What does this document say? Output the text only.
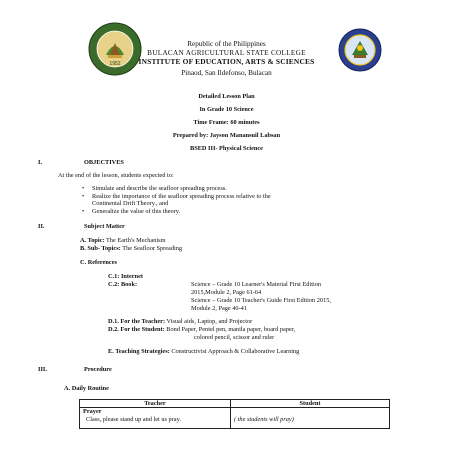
1952
Republic of the Philippines
BULACAN AGRICULTURAL STATE COLLEGE
INSTITUTE OF EDUCATION, ARTS & SCIENCES
Pinaod, San Ildefonso, Bulacan
Detailed Lesson Plan
In Grade 10 Science
Time Frame: 60 minutes
Prepared by: Jayson Manansuil Labsan
BSED III- Physical Science
I.	OBJECTIVES
At the end of the lesson, students expected to:
• Simulate and describe the seafloor spreading process.
• Realize the importance of the seafloor spreading process relative to the
Continental Drift Theory., and
• Generalize the value of this theory.
II.	Subject Matter
A. Topic: The Earth's Mechanism
B. Sub- Topics: The Seafloor Spreading
C. References
C.1: Internet
C.2: Book:	Science – Grade 10 Learner's Material First Edition
2015,Module 2, Page 61-64
Science – Grade 10 Teacher's Guide First Edition 2015,
Module 2, Page 40-41
D.1. For the Teacher: Visual aids, Laptop, and Projector
D.2. For the Student: Bond Paper, Pentel pen, manila paper, board paper,
colored pencil, scissor and ruler
E. Teaching Strategies: Constructivist Approach & Collaborative Learning
III.	Procedure
A. Daily Routine
Teacher	Student

Prayer
Class, please stand up and let us pray.	( the students will pray)
